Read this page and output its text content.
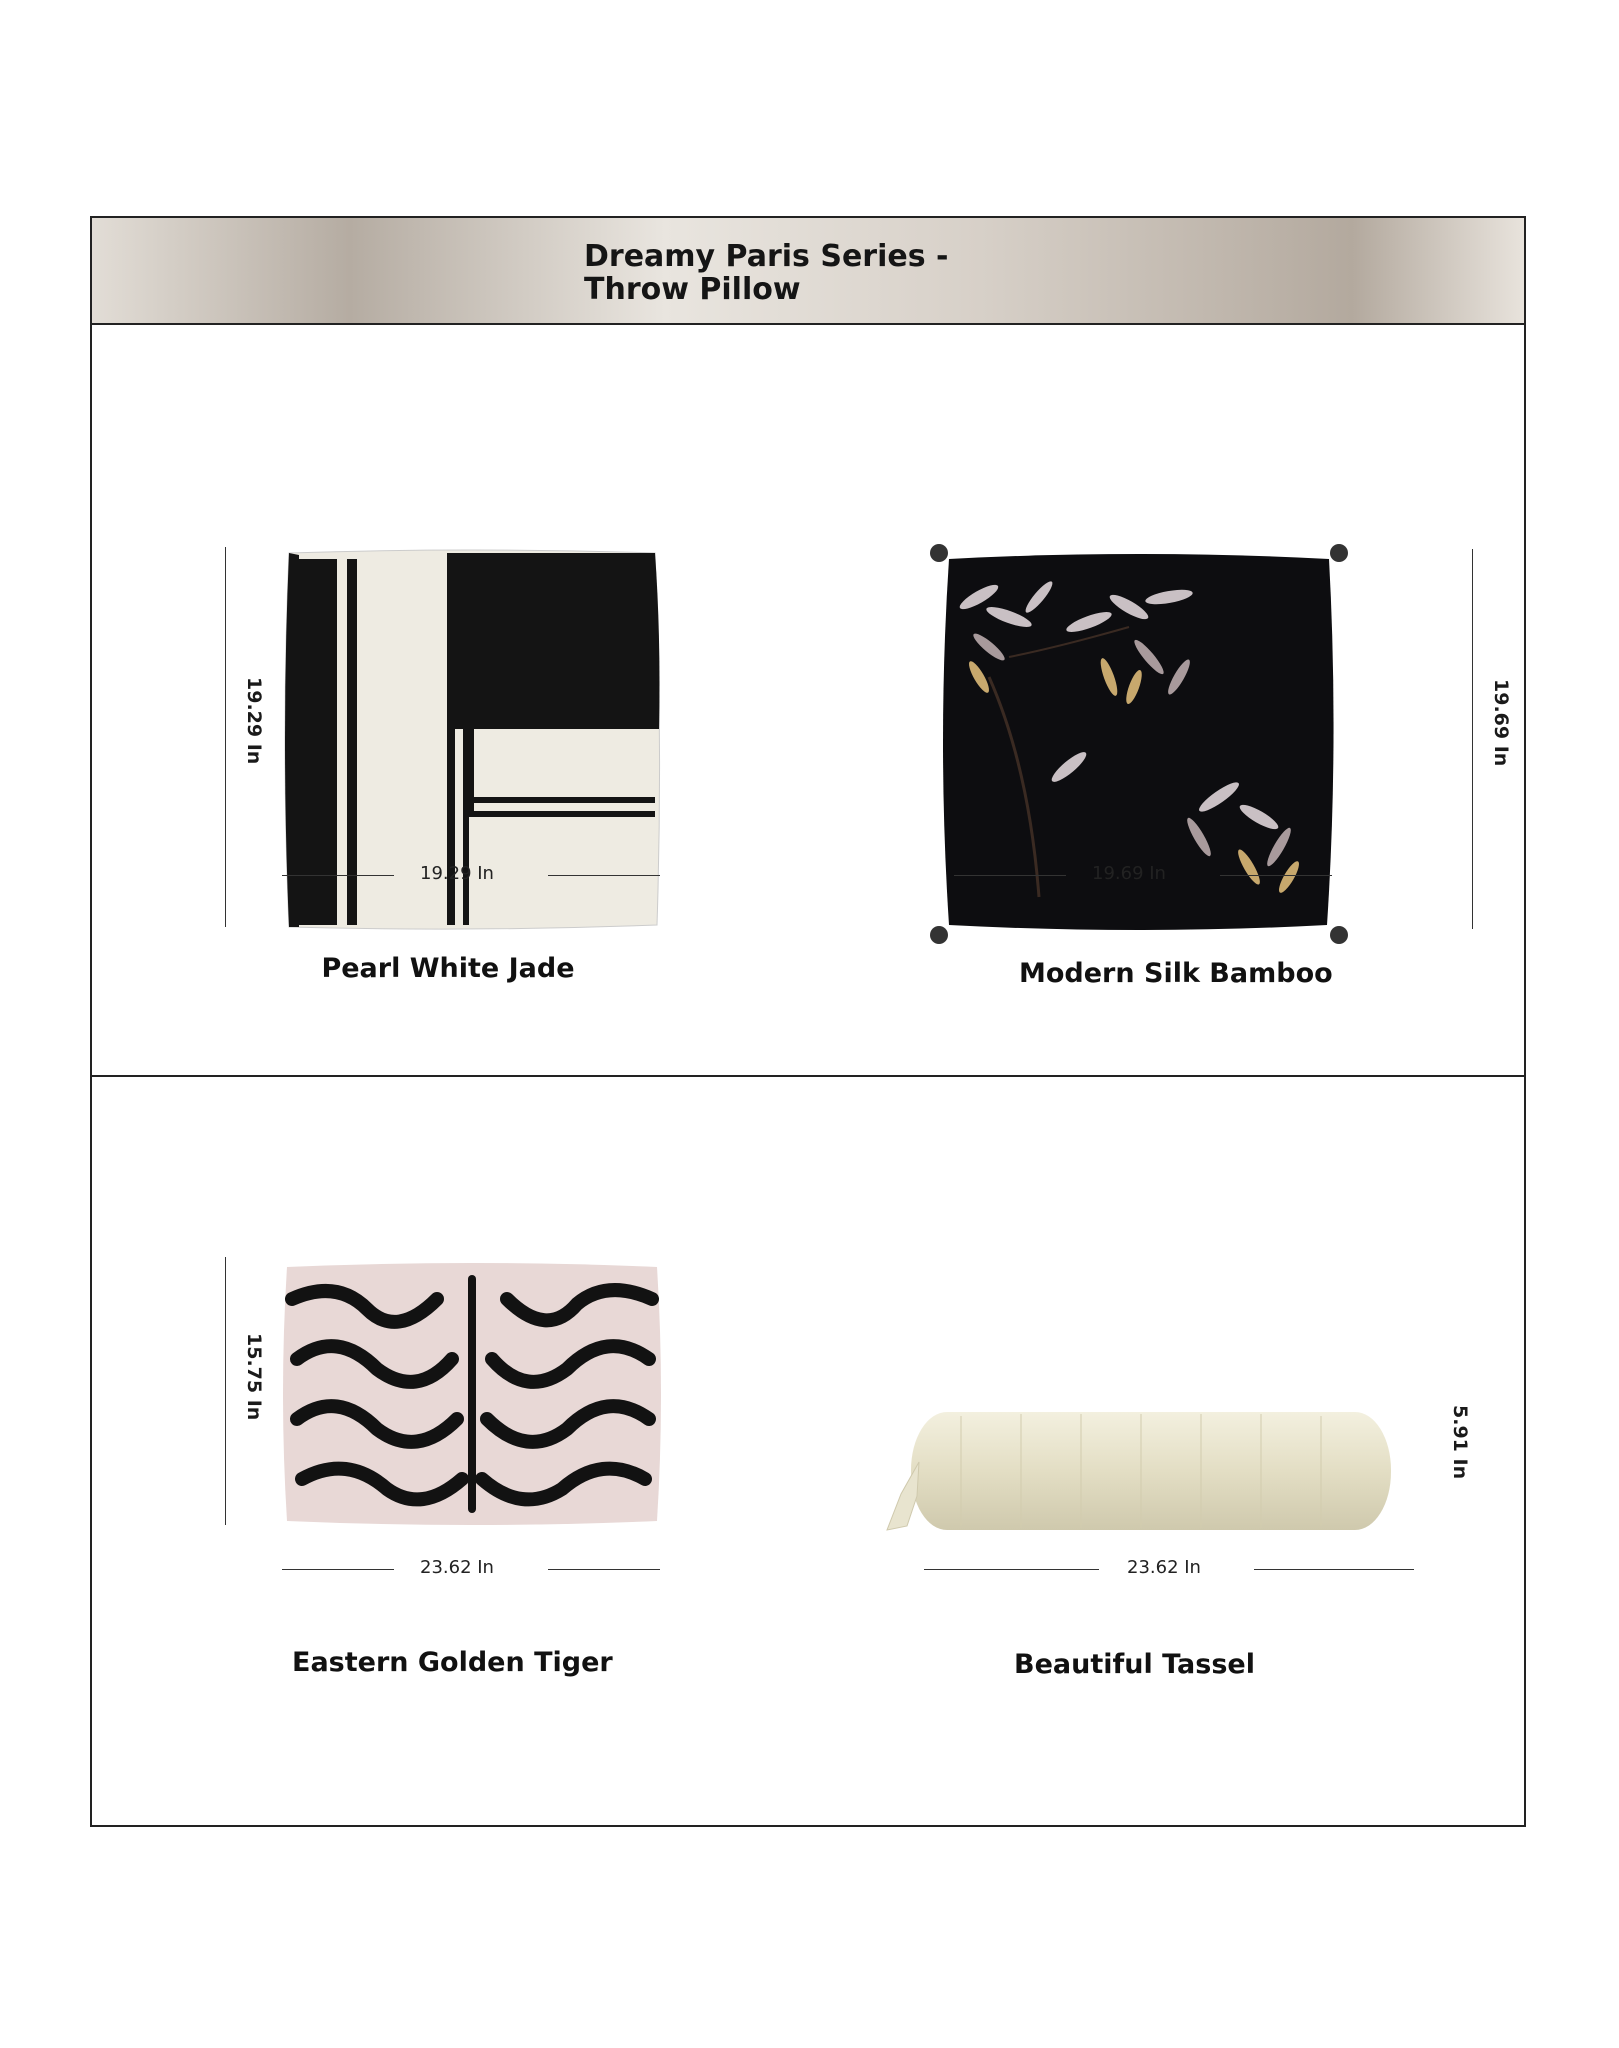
Dreamy Paris Series - Throw Pillow
19.29 In
19.29 In
Pearl White Jade
19.69 In
19.69 In
Modern Silk Bamboo
15.75 In
23.62 In
Eastern Golden Tiger
5.91 In
23.62 In
Beautiful Tassel
